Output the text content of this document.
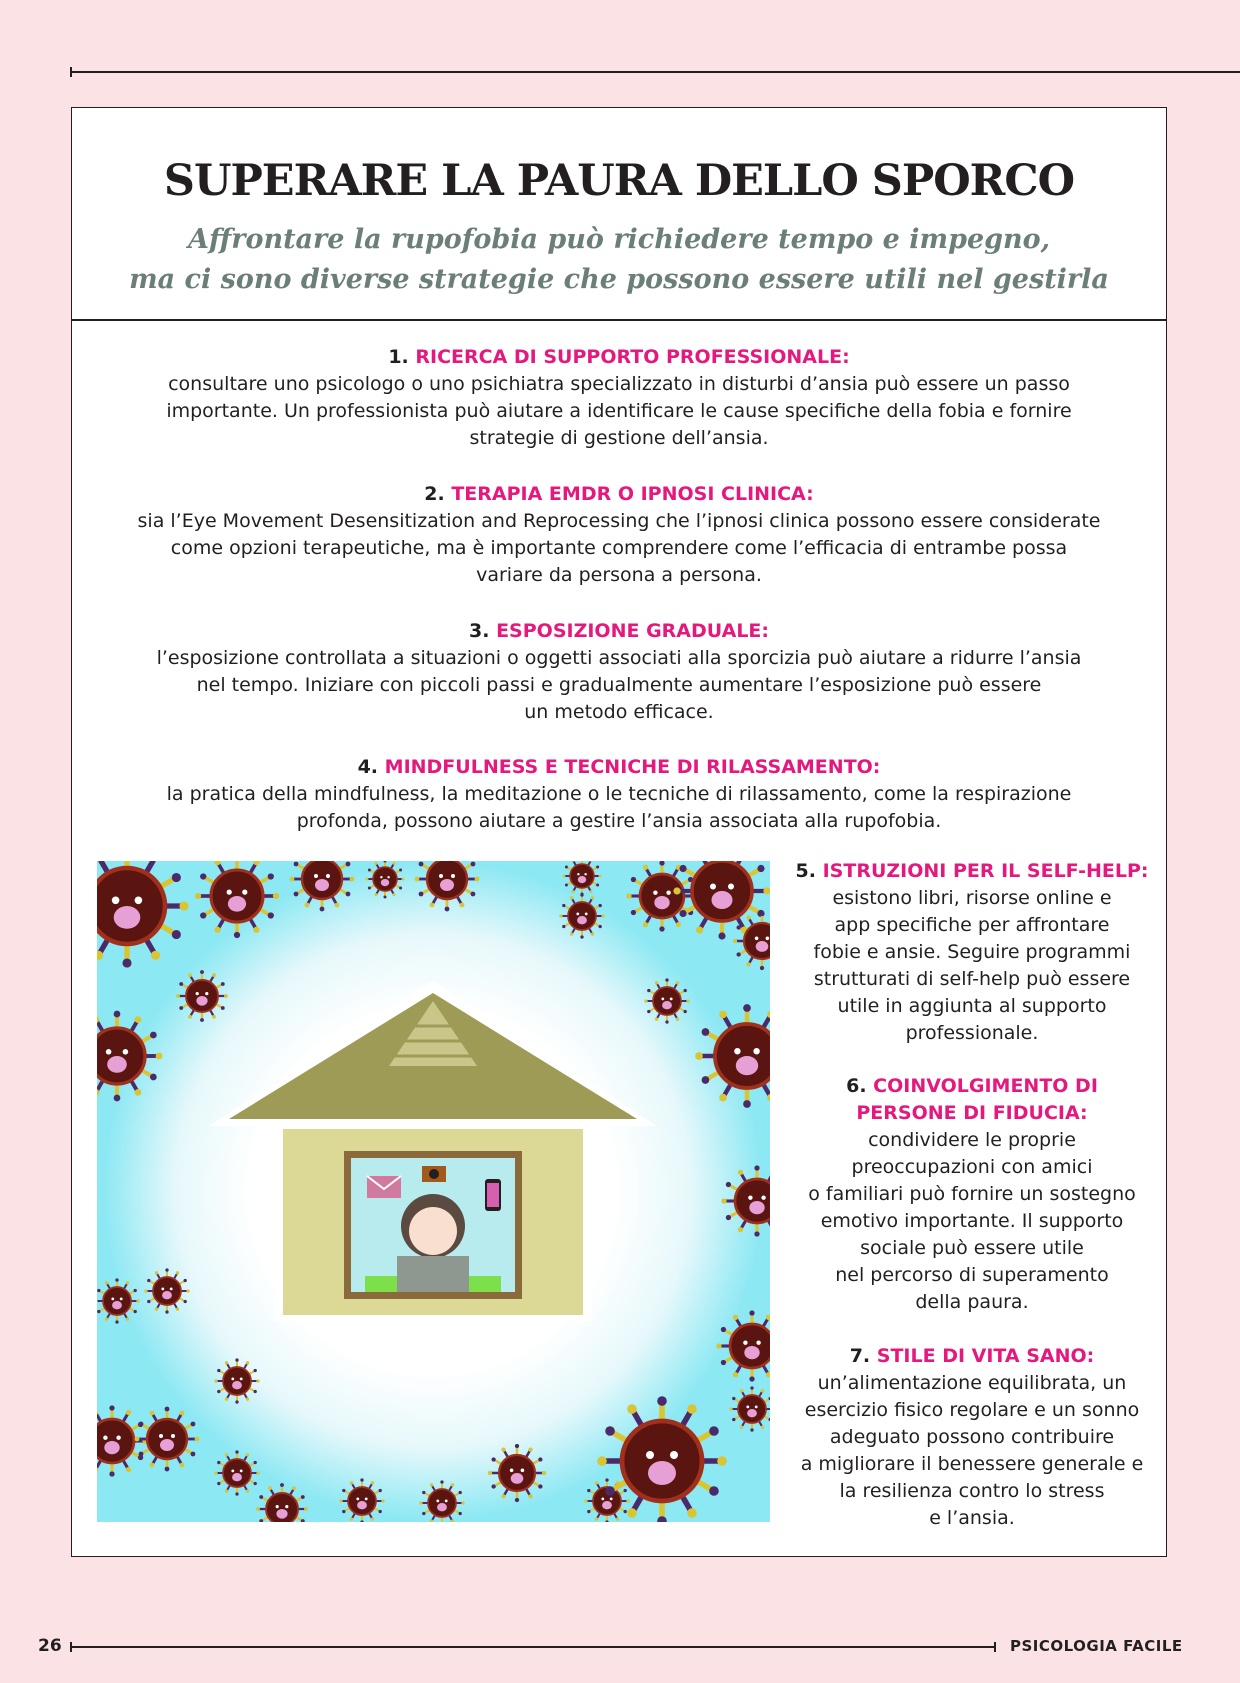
SUPERARE LA PAURA DELLO SPORCO
Affrontare la rupofobia può richiedere tempo e impegno,
ma ci sono diverse strategie che possono essere utili nel gestirla
1. RICERCA DI SUPPORTO PROFESSIONALE:

consultare uno psicologo o uno psichiatra specializzato in disturbi d’ansia può essere un passo

importante. Un professionista può aiutare a identificare le cause specifiche della fobia e fornire

strategie di gestione dell’ansia.

2. TERAPIA EMDR O IPNOSI CLINICA:

sia l’Eye Movement Desensitization and Reprocessing che l’ipnosi clinica possono essere considerate

come opzioni terapeutiche, ma è importante comprendere come l’efficacia di entrambe possa

variare da persona a persona.

3. ESPOSIZIONE GRADUALE:

l’esposizione controllata a situazioni o oggetti associati alla sporcizia può aiutare a ridurre l’ansia

nel tempo. Iniziare con piccoli passi e gradualmente aumentare l’esposizione può essere

un metodo efficace.

4. MINDFULNESS E TECNICHE DI RILASSAMENTO:

la pratica della mindfulness, la meditazione o le tecniche di rilassamento, come la respirazione

profonda, possono aiutare a gestire l’ansia associata alla rupofobia.

5. ISTRUZIONI PER IL SELF-HELP:

esistono libri, risorse online e

app specifiche per affrontare

fobie e ansie. Seguire programmi

strutturati di self-help può essere

utile in aggiunta al supporto

professionale.

6. COINVOLGIMENTO DI
PERSONE DI FIDUCIA:

condividere le proprie

preoccupazioni con amici

o familiari può fornire un sostegno

emotivo importante. Il supporto

sociale può essere utile

nel percorso di superamento

della paura.

7. STILE DI VITA SANO:

un’alimentazione equilibrata, un

esercizio fisico regolare e un sonno

adeguato possono contribuire

a migliorare il benessere generale e

la resilienza contro lo stress

e l’ansia.

26	PSICOLOGIA FACILE
